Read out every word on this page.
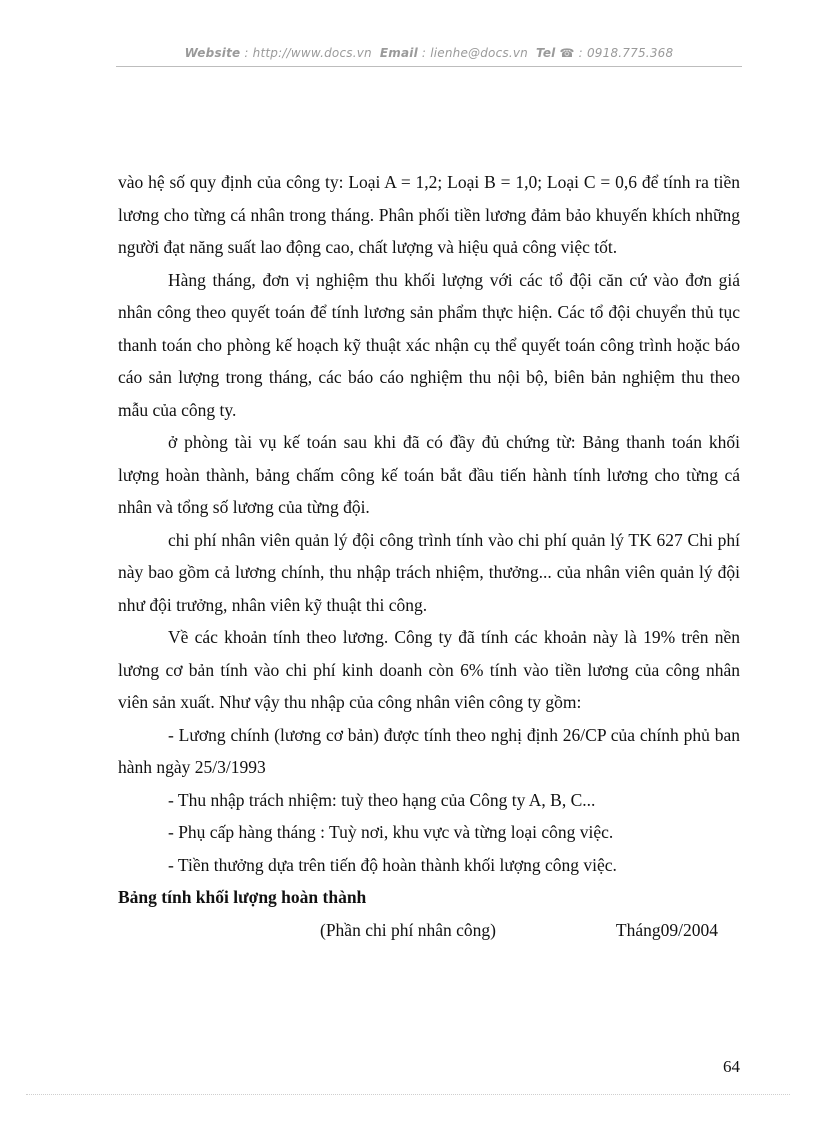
Website : http://www.docs.vn Email : lienhe@docs.vn Tel ☎ : 0918.775.368

vào hệ số quy định của công ty: Loại A = 1,2; Loại B = 1,0; Loại C = 0,6 để tính ra tiền lương cho từng cá nhân trong tháng. Phân phối tiền lương đảm bảo khuyến khích những người đạt năng suất lao động cao, chất lượng và hiệu quả công việc tốt.

Hàng tháng, đơn vị nghiệm thu khối lượng với các tổ đội căn cứ vào đơn giá nhân công theo quyết toán để tính lương sản phẩm thực hiện. Các tổ đội chuyển thủ tục thanh toán cho phòng kế hoạch kỹ thuật xác nhận cụ thể quyết toán công trình hoặc báo cáo sản lượng trong tháng, các báo cáo nghiệm thu nội bộ, biên bản nghiệm thu theo mẫu của công ty.

ở phòng tài vụ kế toán sau khi đã có đầy đủ chứng từ: Bảng thanh toán khối lượng hoàn thành, bảng chấm công kế toán bắt đầu tiến hành tính lương cho từng cá nhân và tổng số lương của từng đội.

chi phí nhân viên quản lý đội công trình tính vào chi phí quản lý TK 627 Chi phí này bao gồm cả lương chính, thu nhập trách nhiệm, thưởng... của nhân viên quản lý đội như đội trưởng, nhân viên kỹ thuật thi công.

Về các khoản tính theo lương. Công ty đã tính các khoản này là 19% trên nền lương cơ bản tính vào chi phí kinh doanh còn 6% tính vào tiền lương của công nhân viên sản xuất. Như vậy thu nhập của công nhân viên công ty gồm:

- Lương chính (lương cơ bản) được tính theo nghị định 26/CP của chính phủ ban hành ngày 25/3/1993

- Thu nhập trách nhiệm: tuỳ theo hạng của Công ty A, B, C...

- Phụ cấp hàng tháng : Tuỳ nơi, khu vực và từng loại công việc.

- Tiền thưởng dựa trên tiến độ hoàn thành khối lượng công việc.

Bảng tính khối lượng hoàn thành

(Phần chi phí nhân công)	Tháng09/2004
64
